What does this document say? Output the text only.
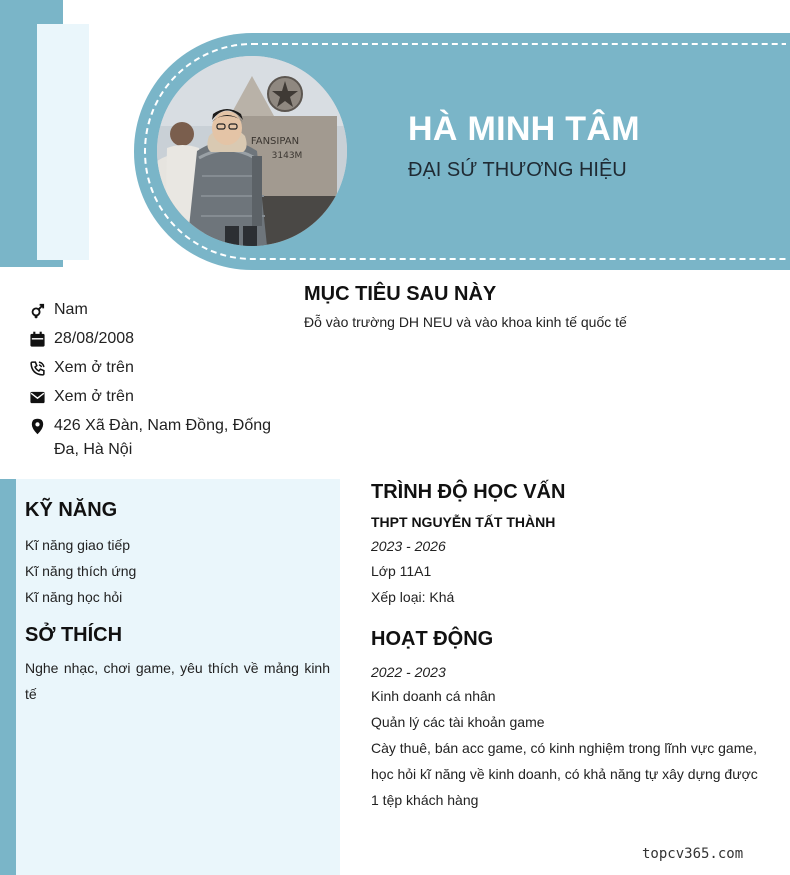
FANSIPAN
3143M
HÀ MINH TÂM
ĐẠI SỨ THƯƠNG HIỆU
Nam
28/08/2008
Xem ở trên
Xem ở trên
426 Xã Đàn, Nam Đồng, Đống Đa, Hà Nội
MỤC TIÊU SAU NÀY
Đỗ vào trường DH NEU và vào khoa kinh tế quốc tế
KỸ NĂNG
Kĩ năng giao tiếp
Kĩ năng thích ứng
Kĩ năng học hỏi
SỞ THÍCH
Nghe nhạc, chơi game, yêu thích về mảng kinh tế
TRÌNH ĐỘ HỌC VẤN
THPT NGUYỄN TẤT THÀNH
2023 - 2026
Lớp 11A1
Xếp loại: Khá
HOẠT ĐỘNG
2022 - 2023
Kinh doanh cá nhân
Quản lý các tài khoản game
Cày thuê, bán acc game, có kinh nghiệm trong lĩnh vực game, học hỏi kĩ năng về kinh doanh, có khả năng tự xây dựng được 1 tệp khách hàng
topcv365.com
